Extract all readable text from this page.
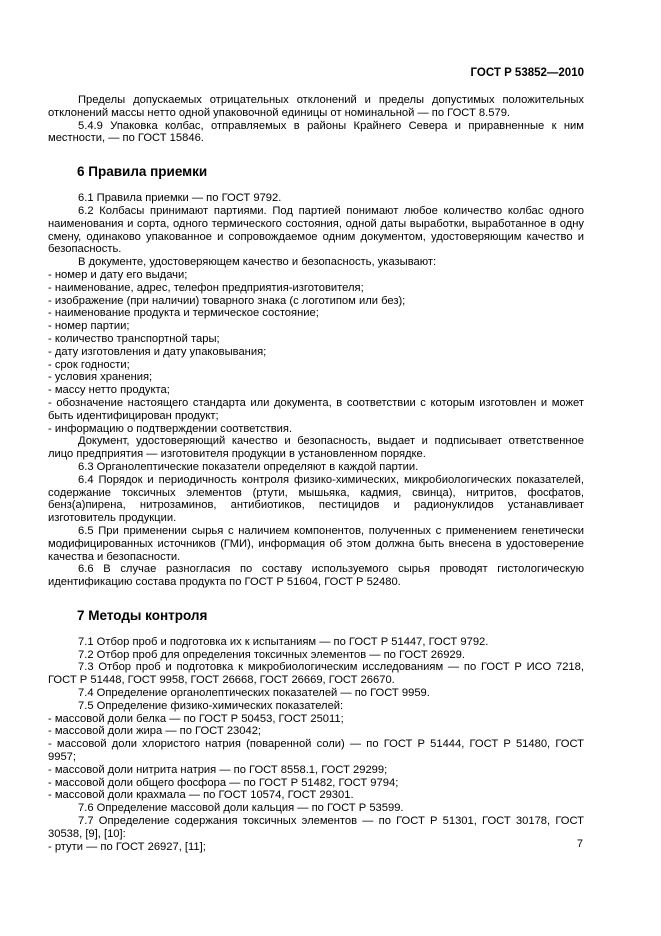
ГОСТ Р 53852—2010

Пределы допускаемых отрицательных отклонений и пределы допустимых положительных отклонений массы нетто одной упаковочной единицы от номинальной — по ГОСТ 8.579.

5.4.9 Упаковка колбас, отправляемых в районы Крайнего Севера и приравненные к ним местности, — по ГОСТ 15846.

6 Правила приемки

6.1 Правила приемки — по ГОСТ 9792.

6.2 Колбасы принимают партиями. Под партией понимают любое количество колбас одного наименования и сорта, одного термического состояния, одной даты выработки, выработанное в одну смену, одинаково упакованное и сопровождаемое одним документом, удостоверяющим качество и безопасность.

В документе, удостоверяющем качество и безопасность, указывают:

- номер и дату его выдачи;

- наименование, адрес, телефон предприятия-изготовителя;

- изображение (при наличии) товарного знака (с логотипом или без);

- наименование продукта и термическое состояние;

- номер партии;

- количество транспортной тары;

- дату изготовления и дату упаковывания;

- срок годности;

- условия хранения;

- массу нетто продукта;

- обозначение настоящего стандарта или документа, в соответствии с которым изготовлен и может быть идентифицирован продукт;

- информацию о подтверждении соответствия.

Документ, удостоверяющий качество и безопасность, выдает и подписывает ответственное лицо предприятия — изготовителя продукции в установленном порядке.

6.3 Органолептические показатели определяют в каждой партии.

6.4 Порядок и периодичность контроля физико-химических, микробиологических показателей, содержание токсичных элементов (ртути, мышьяка, кадмия, свинца), нитритов, фосфатов, бенз(а)пирена, нитрозаминов, антибиотиков, пестицидов и радионуклидов устанавливает изготовитель продукции.

6.5 При применении сырья с наличием компонентов, полученных с применением генетически модифицированных источников (ГМИ), информация об этом должна быть внесена в удостоверение качества и безопасности.

6.6 В случае разногласия по составу используемого сырья проводят гистологическую идентификацию состава продукта по ГОСТ Р 51604, ГОСТ Р 52480.

7 Методы контроля

7.1 Отбор проб и подготовка их к испытаниям — по ГОСТ Р 51447, ГОСТ 9792.

7.2 Отбор проб для определения токсичных элементов — по ГОСТ 26929.

7.3 Отбор проб и подготовка к микробиологическим исследованиям — по ГОСТ Р ИСО 7218, ГОСТ Р 51448, ГОСТ 9958, ГОСТ 26668, ГОСТ 26669, ГОСТ 26670.

7.4 Определение органолептических показателей — по ГОСТ 9959.

7.5 Определение физико-химических показателей:

- массовой доли белка — по ГОСТ Р 50453, ГОСТ 25011;

- массовой доли жира — по ГОСТ 23042;

- массовой доли хлористого натрия (поваренной соли) — по ГОСТ Р 51444, ГОСТ Р 51480, ГОСТ 9957;

- массовой доли нитрита натрия — по ГОСТ 8558.1, ГОСТ 29299;

- массовой доли общего фосфора — по ГОСТ Р 51482, ГОСТ 9794;

- массовой доли крахмала — по ГОСТ 10574, ГОСТ 29301.

7.6 Определение массовой доли кальция — по ГОСТ Р 53599.

7.7 Определение содержания токсичных элементов — по ГОСТ Р 51301, ГОСТ 30178, ГОСТ 30538, [9], [10]:

- ртути — по ГОСТ 26927, [11];	7
